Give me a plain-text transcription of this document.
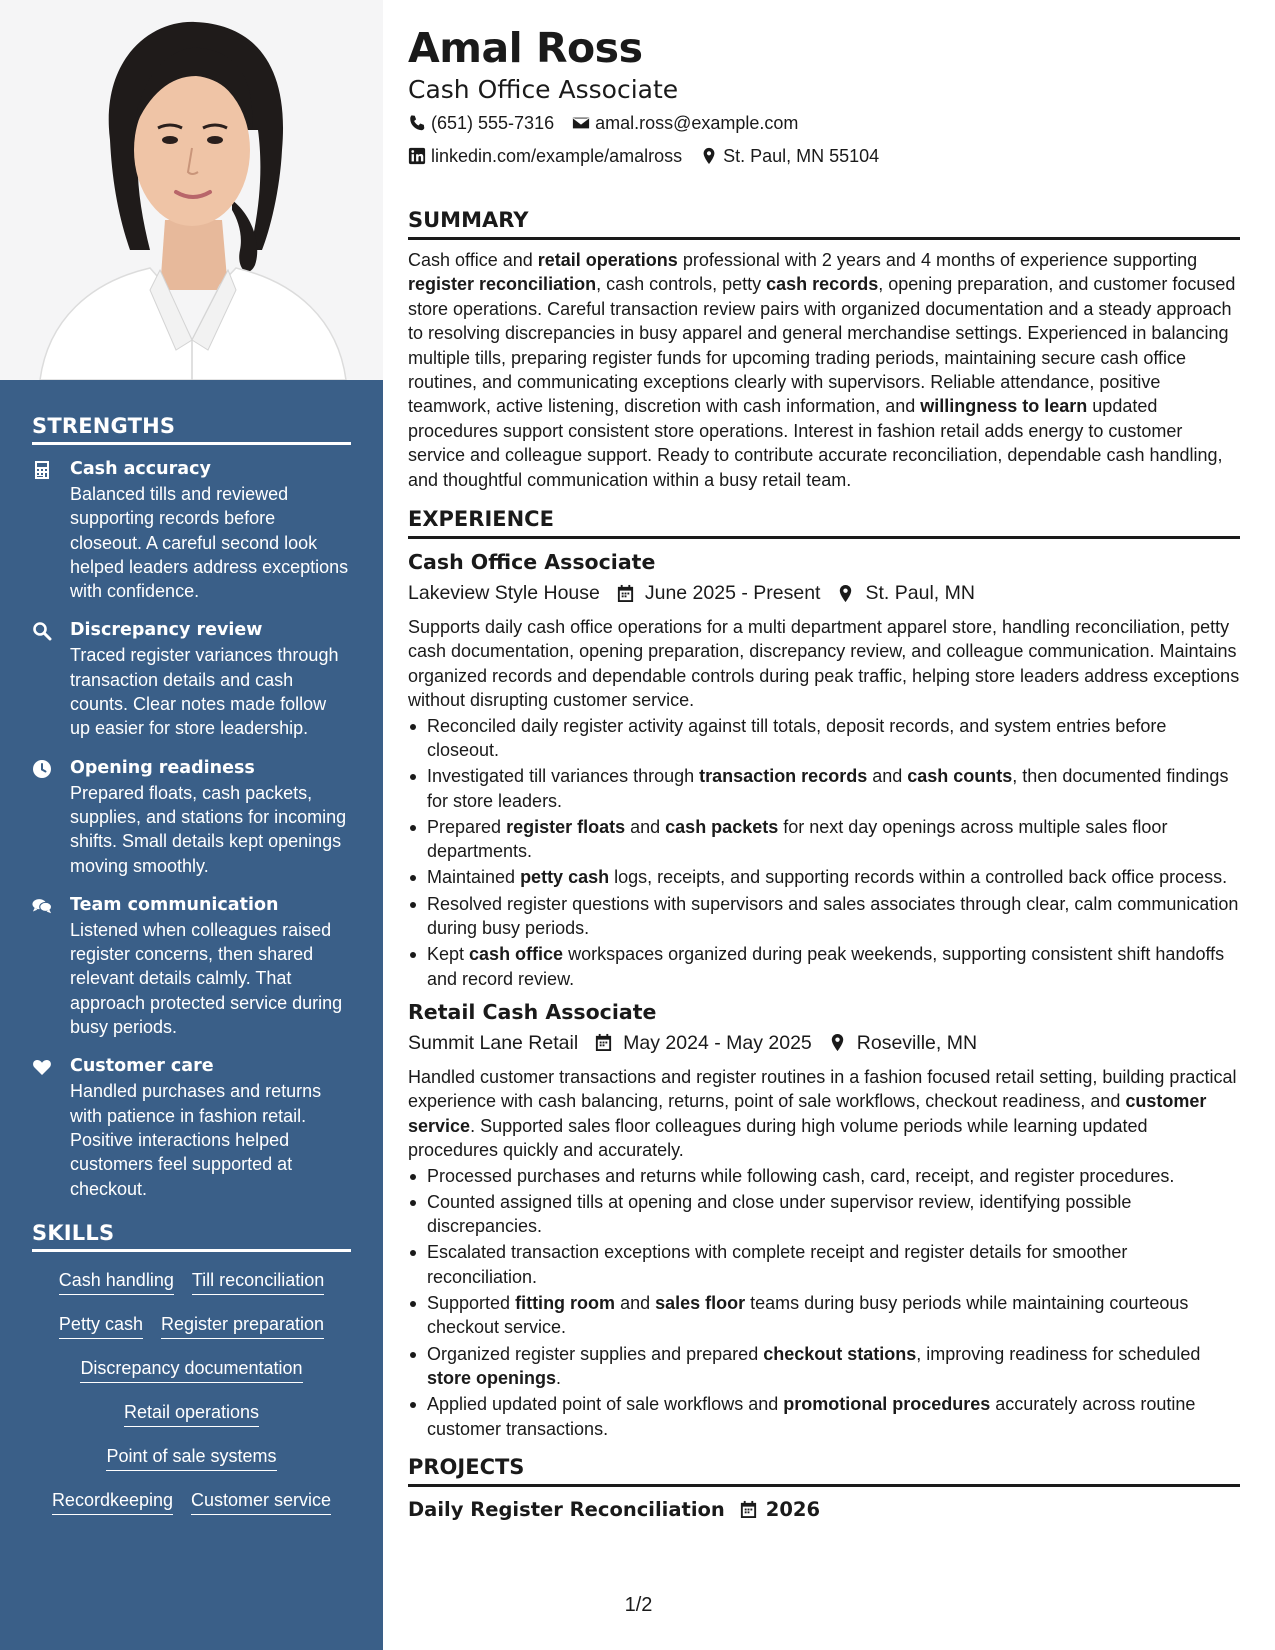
STRENGTHS
Cash accuracy
Balanced tills and reviewed supporting records before closeout. A careful second look helped leaders address exceptions with confidence.
Discrepancy review
Traced register variances through transaction details and cash counts. Clear notes made follow up easier for store leadership.
Opening readiness
Prepared floats, cash packets, supplies, and stations for incoming shifts. Small details kept openings moving smoothly.
Team communication
Listened when colleagues raised register concerns, then shared relevant details calmly. That approach protected service during busy periods.
Customer care
Handled purchases and returns with patience in fashion retail. Positive interactions helped customers feel supported at checkout.
SKILLS
Cash handling Till reconciliation
Petty cash Register preparation
Discrepancy documentation
Retail operations
Point of sale systems
Recordkeeping Customer service
Amal Ross
Cash Office Associate
(651) 555-7316 amal.ross@example.com
linkedin.com/example/amalross St. Paul, MN 55104
SUMMARY

Cash office and retail operations professional with 2 years and 4 months of experience supporting register reconciliation, cash controls, petty cash records, opening preparation, and customer focused store operations. Careful transaction review pairs with organized documentation and a steady approach to resolving discrepancies in busy apparel and general merchandise settings. Experienced in balancing multiple tills, preparing register funds for upcoming trading periods, maintaining secure cash office routines, and communicating exceptions clearly with supervisors. Reliable attendance, positive teamwork, active listening, discretion with cash information, and willingness to learn updated procedures support consistent store operations. Interest in fashion retail adds energy to customer service and colleague support. Ready to contribute accurate reconciliation, dependable cash handling, and thoughtful communication within a busy retail team.

EXPERIENCE
Cash Office Associate
Lakeview Style House June 2025 - Present St. Paul, MN

Supports daily cash office operations for a multi department apparel store, handling reconciliation, petty cash documentation, opening preparation, discrepancy review, and colleague communication. Maintains organized records and dependable controls during peak traffic, helping store leaders address exceptions without disrupting customer service.

Reconciled daily register activity against till totals, deposit records, and system entries before closeout.
Investigated till variances through transaction records and cash counts, then documented findings for store leaders.
Prepared register floats and cash packets for next day openings across multiple sales floor departments.
Maintained petty cash logs, receipts, and supporting records within a controlled back office process.
Resolved register questions with supervisors and sales associates through clear, calm communication during busy periods.
Kept cash office workspaces organized during peak weekends, supporting consistent shift handoffs and record review.
Retail Cash Associate
Summit Lane Retail May 2024 - May 2025 Roseville, MN

Handled customer transactions and register routines in a fashion focused retail setting, building practical experience with cash balancing, returns, point of sale workflows, checkout readiness, and customer service. Supported sales floor colleagues during high volume periods while learning updated procedures quickly and accurately.

Processed purchases and returns while following cash, card, receipt, and register procedures.
Counted assigned tills at opening and close under supervisor review, identifying possible discrepancies.
Escalated transaction exceptions with complete receipt and register details for smoother reconciliation.
Supported fitting room and sales floor teams during busy periods while maintaining courteous checkout service.
Organized register supplies and prepared checkout stations, improving readiness for scheduled store openings.
Applied updated point of sale workflows and promotional procedures accurately across routine customer transactions.
PROJECTS
Daily Register Reconciliation 2026
1/2
